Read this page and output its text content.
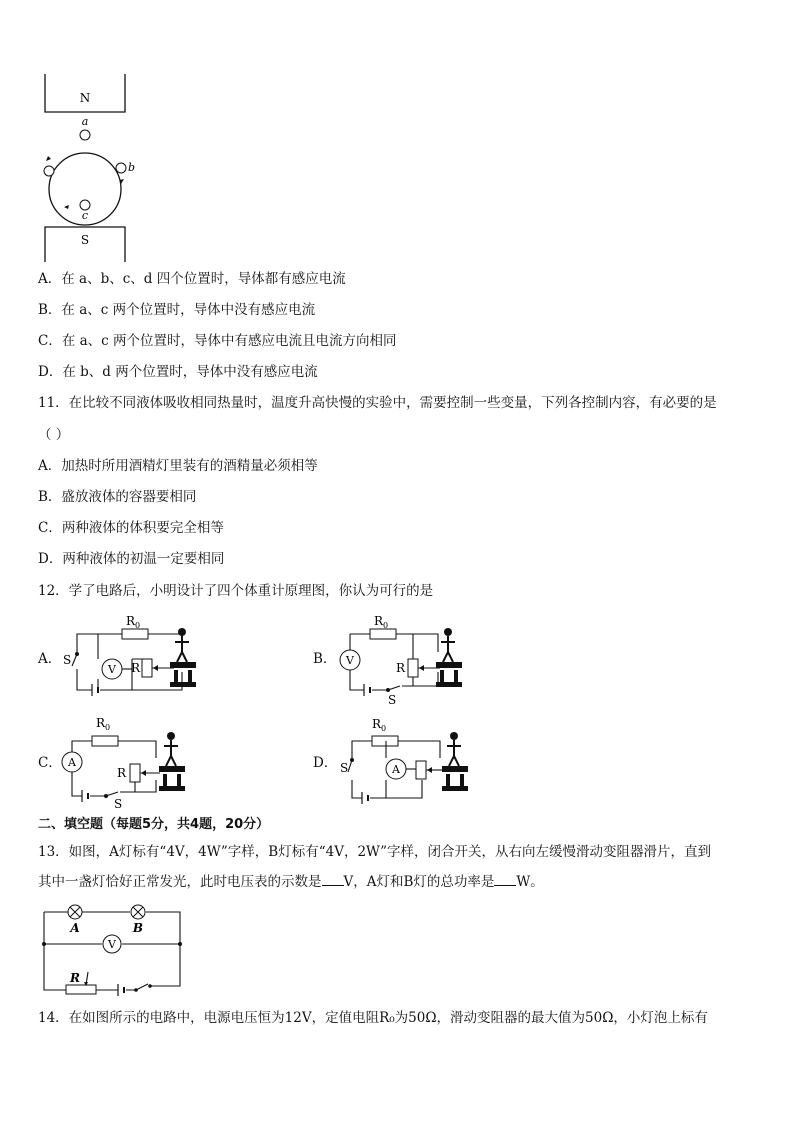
N
a
b
c
S
A．在 a、b、c、d 四个位置时，导体都有感应电流
B．在 a、c 两个位置时，导体中没有感应电流
C．在 a、c 两个位置时，导体中有感应电流且电流方向相同
D．在 b、d 两个位置时，导体中没有感应电流
11．在比较不同液体吸收相同热量时，温度升高快慢的实验中，需要控制一些变量，下列各控制内容，有必要的是
（ ）
A．加热时所用酒精灯里装有的酒精量必须相等
B．盛放液体的容器要相同
C．两种液体的体积要完全相等
D．两种液体的初温一定要相同
12．学了电路后，小明设计了四个体重计原理图，你认为可行的是
A． S
$R_0$
V R
B． V
S
$R_0$
R
C． A
S
$R_0$
R
D． S
$R_0$
A
二、填空题（每题5分，共4题，20分）
13．如图，A灯标有“4V，4W”字样，B灯标有“4V，2W”字样，闭合开关，从右向左缓慢滑动变阻器滑片，直到
其中一盏灯恰好正常发光，此时电压表的示数是 V，A灯和B灯的总功率是 W。
A	B
V
R
14．在如图所示的电路中，电源电压恒为12V，定值电阻R₀为50Ω，滑动变阻器的最大值为50Ω，小灯泡上标有
